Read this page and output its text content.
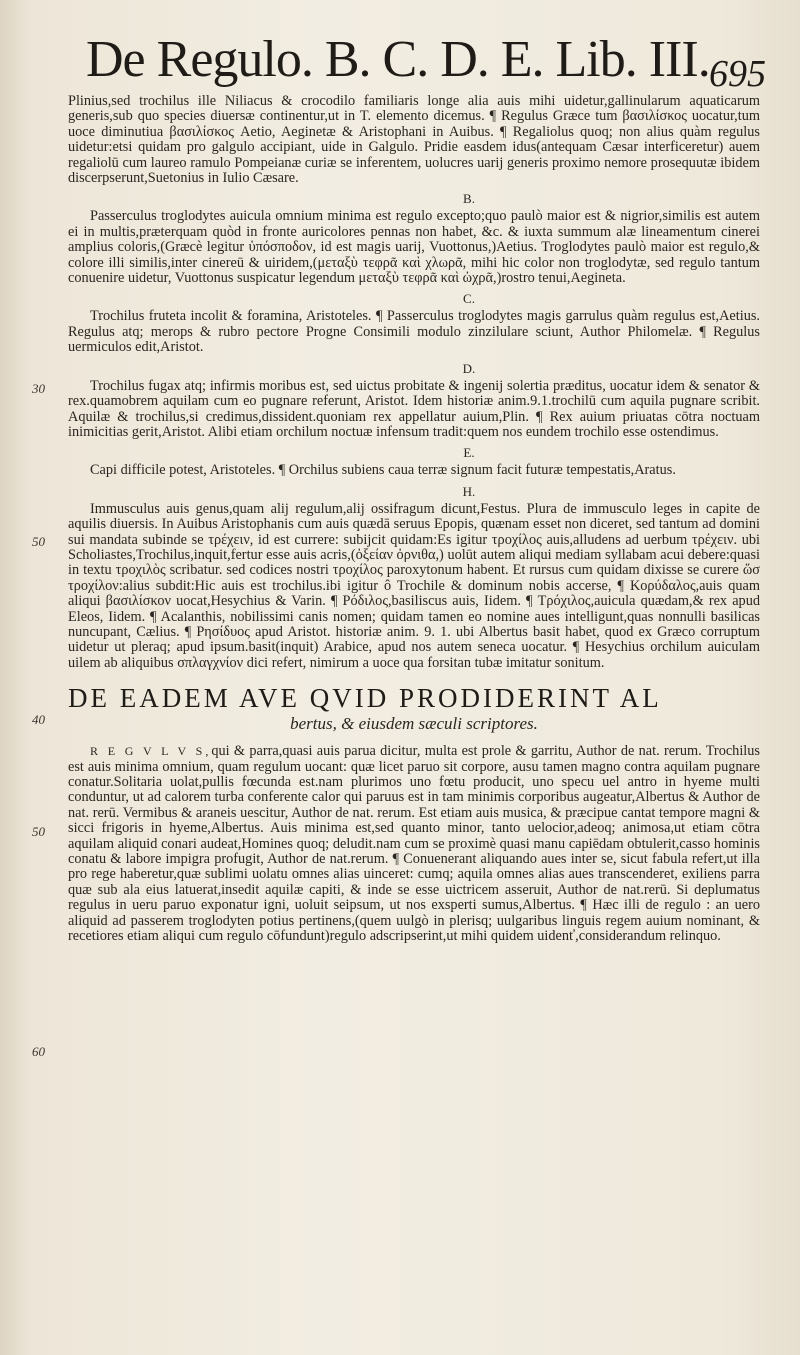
De Regulo. B. C. D. E. Lib. III. 695

Plinius,sed trochilus ille Niliacus & crocodilo familiaris longe alia auis mihi uidetur,gallinularum aquaticarum generis,sub quo species diuersæ continentur,ut in T. elemento dicemus. ¶ Regulus Græce tum βασιλίσκος uocatur,tum uoce diminutiua βασιλίσκος Aetio, Aeginetæ & Aristophani in Auibus. ¶ Regaliolus quoq; non alius quàm regulus uidetur:etsi quidam pro galgulo accipiant, uide in Galgulo. Pridie easdem idus(antequam Cæsar interficeretur) auem regaliolū cum laureo ramulo Pompeianæ curiæ se inferentem, uolucres uarij generis proximo nemore prosequutæ ibidem discerpserunt,Suetonius in Iulio Cæsare.

B.

Passerculus troglodytes auicula omnium minima est regulo excepto;quo paulò maior est & nigrior,similis est autem ei in multis,præterquam quòd in fronte auricolores pennas non habet, &c. & iuxta summum alæ lineamentum cinerei amplius coloris,(Græcè legitur ὑπόσποδον, id est magis uarij, Vuottonus,)Aetius. Troglodytes paulò maior est regulo,& colore illi similis,inter cinereū & uiridem,(μεταξὺ τεφρᾶ καὶ χλωρᾶ, mihi hic color non troglodytæ, sed regulo tantum conuenire uidetur, Vuottonus suspicatur legendum μεταξὺ τεφρᾶ καὶ ὠχρᾶ,)rostro tenui,Aegineta.

C.

Trochilus fruteta incolit & foramina, Aristoteles. ¶ Passerculus troglodytes magis garrulus quàm regulus est,Aetius. Regulus atq; merops & rubro pectore Progne Consimili modulo zinzilulare sciunt, Author Philomelæ. ¶ Regulus uermiculos edit,Aristot.

D.
30	Trochilus fugax atq; infirmis moribus est, sed uictus probitate & ingenij solertia præditus, uocatur idem & senator & rex.quamobrem aquilam cum eo pugnare referunt, Aristot. Idem historiæ anim.9.1.trochilū cum aquila pugnare scribit. Aquilæ & trochilus,si credimus,dissident.quoniam rex appellatur auium,Plin. ¶ Rex auium priuatas cōtra noctuam inimicitias gerit,Aristot. Alibi etiam orchilum noctuæ infensum tradit:quem nos eundem trochilo esse ostendimus.

E.

Capi difficile potest, Aristoteles. ¶ Orchilus subiens caua terræ signum facit futuræ tempestatis,Aratus.

H.
50
40

Immusculus auis genus,quam alij regulum,alij ossifragum dicunt,Festus. Plura de immusculo leges in capite de aquilis diuersis. In Auibus Aristophanis cum auis quædā seruus Epopis, quænam esset non diceret, sed tantum ad domini sui mandata subinde se τρέχειν, id est currere: subijcit quidam:Es igitur τροχίλος auis,alludens ad uerbum τρέχειν. ubi Scholiastes,Trochilus,inquit,fertur esse auis acris,(ὀξείαν ὀρνιθα,) uolūt autem aliqui mediam syllabam acui debere:quasi in textu τροχιλὸς scribatur. sed codices nostri τροχίλος paroxytonum habent. Et rursus cum quidam dixisse se curere ὥσ τροχίλον:alius subdit:Hic auis est trochilus.ibi igitur ô Trochile & dominum nobis accerse, ¶ Κορύδαλος,auis quam aliqui βασιλίσκον uocat,Hesychius & Varin. ¶ Ρόδιλος,basiliscus auis, Iidem. ¶ Τρόχιλος,auicula quædam,& rex apud Eleos, Iidem. ¶ Acalanthis, nobilissimi canis nomen; quidam tamen eo nomine aues intelligunt,quas nonnulli basilicas nuncupant, Cælius. ¶ Ρησίδυος apud Aristot. historiæ anim. 9. 1. ubi Albertus basit habet, quod ex Græco corruptum uidetur ut pleraq; apud ipsum.basit(inquit) Arabice, apud nos autem seneca uocatur. ¶ Hesychius orchilum auiculam uilem ab aliquibus σπλαγχνίον dici refert, nimirum a uoce qua forsitan tubæ imitatur sonitum.

DE EADEM AVE QVID PRODIDERINT AL
bertus, & eiusdem sæculi scriptores.
50
60

R E G V L V S,qui & parra,quasi auis parua dicitur, multa est prole & garritu, Author de nat. rerum. Trochilus est auis minima omnium, quam regulum uocant: quæ licet paruo sit corpore, ausu tamen magno contra aquilam pugnare conatur.Solitaria uolat,pullis fœcunda est.nam plurimos uno fœtu producit, uno specu uel antro in hyeme multi conduntur, ut ad calorem turba conferente calor qui paruus est in tam minimis corporibus augeatur,Albertus & Author de nat. rerū. Vermibus & araneis uescitur, Author de nat. rerum. Est etiam auis musica, & præcipue cantat tempore magni & sicci frigoris in hyeme,Albertus. Auis minima est,sed quanto minor, tanto uelocior,adeoq; animosa,ut etiam cōtra aquilam aliquid conari audeat,Homines quoq; deludit.nam cum se proximè quasi manu capiēdam obtulerit,casso hominis conatu & labore impigra profugit, Author de nat.rerum. ¶ Conuenerant aliquando aues inter se, sicut fabula refert,ut illa pro rege haberetur,quæ sublimi uolatu omnes alias uinceret: cumq; aquila omnes alias aues transcenderet, exiliens parra quæ sub ala eius latuerat,insedit aquilæ capiti, & inde se esse uictricem asseruit, Author de nat.rerū. Si deplumatus regulus in ueru paruo exponatur igni, uoluit seipsum, ut nos exsperti sumus,Albertus. ¶ Hæc illi de regulo : an uero aliquid ad passerem troglodyten potius pertinens,(quem uulgò in plerisq; uulgaribus linguis regem auium nominant, & recetiores etiam aliqui cum regulo cōfundunt)regulo adscripserint,ut mihi quidem uidenť,considerandum relinquo.
